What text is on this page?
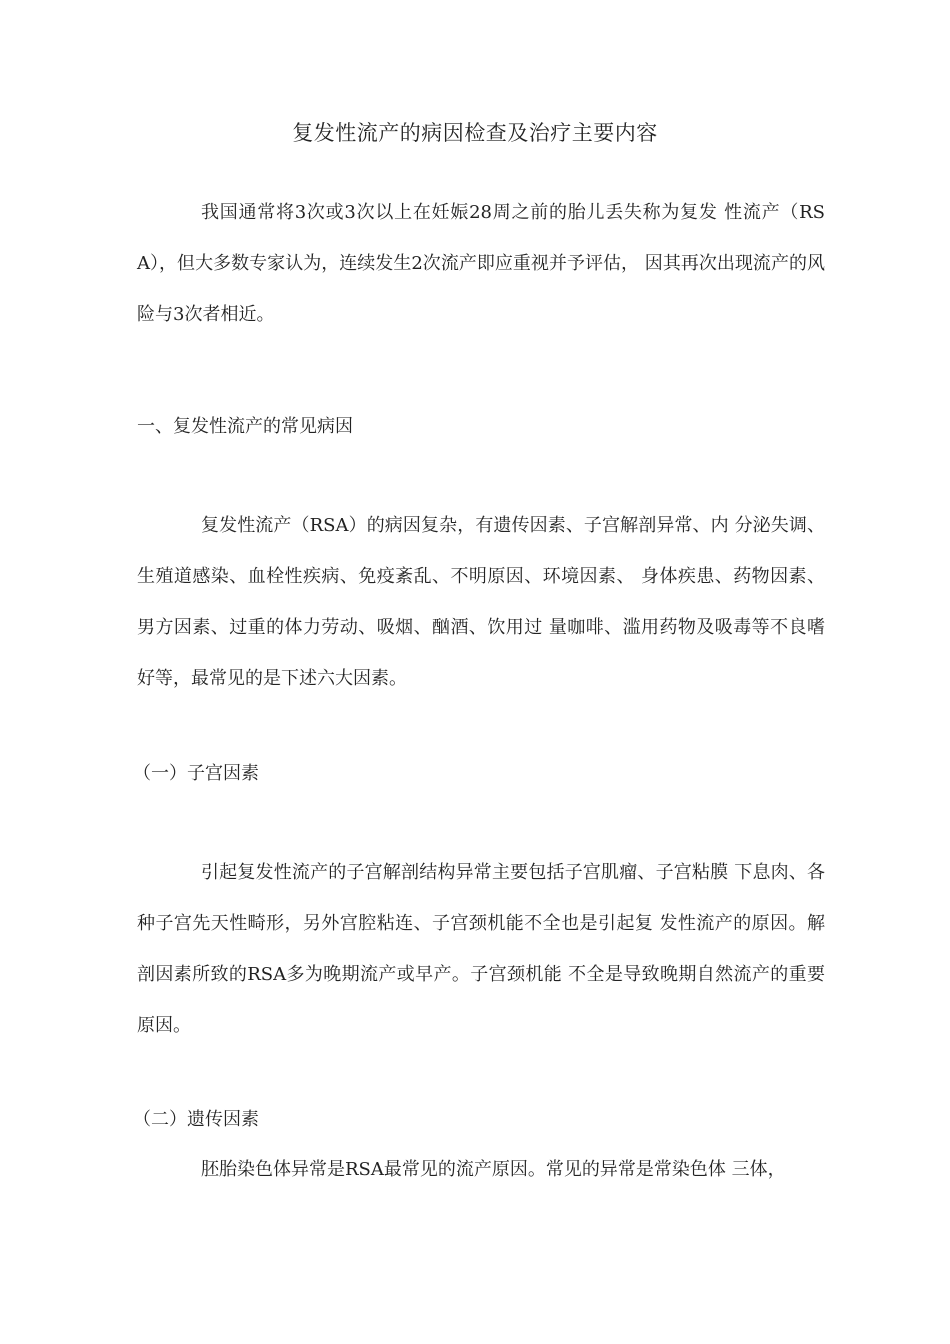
复发性流产的病因检查及治疗主要内容

我国通常将3次或3次以上在妊娠28周之前的胎儿丢失称为复发 性流产（RSA），但大多数专家认为，连续发生2次流产即应重视并予评估， 因其再次出现流产的风险与3次者相近。

一、复发性流产的常见病因

复发性流产（RSA）的病因复杂，有遗传因素、子宫解剖异常、内 分泌失调、生殖道感染、血栓性疾病、免疫紊乱、不明原因、环境因素、 身体疾患、药物因素、男方因素、过重的体力劳动、吸烟、酗酒、饮用过 量咖啡、滥用药物及吸毒等不良嗜好等，最常见的是下述六大因素。

（一）子宫因素

引起复发性流产的子宫解剖结构异常主要包括子宫肌瘤、子宫粘膜 下息肉、各种子宫先天性畸形，另外宫腔粘连、子宫颈机能不全也是引起复 发性流产的原因。解剖因素所致的RSA多为晚期流产或早产。子宫颈机能 不全是导致晚期自然流产的重要原因。

（二）遗传因素

胚胎染色体异常是RSA最常见的流产原因。常见的异常是常染色体 三体，
